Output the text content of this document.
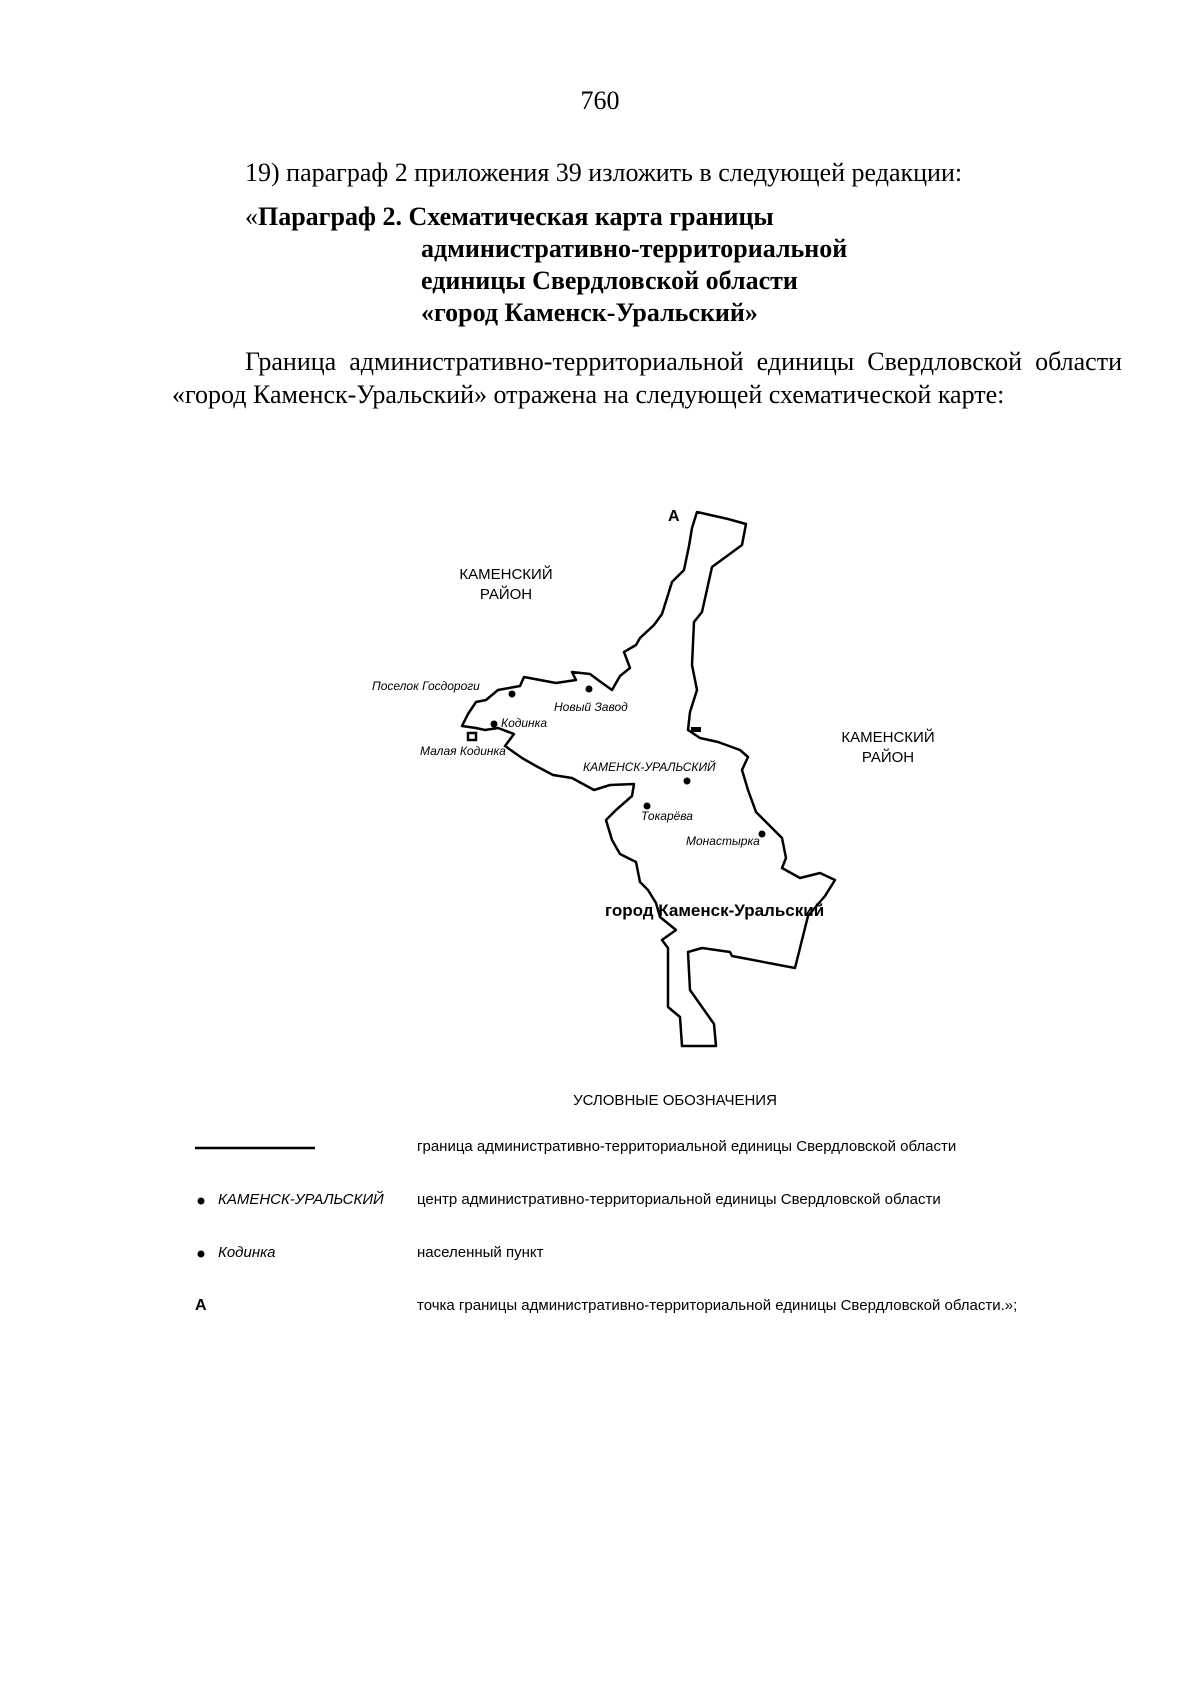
760
19) параграф 2 приложения 39 изложить в следующей редакции:
« Параграф 2. Схематическая карта границы
административно-территориальной
единицы Свердловской области
«город Каменск-Уральский»
Граница административно-территориальной единицы Свердловской области «город Каменск-Уральский» отражена на следующей схематической карте:
А
КАМЕНСКИЙ
РАЙОН
КАМЕНСКИЙ
РАЙОН
Поселок Госдороги
Новый Завод
Кодинка
Малая Кодинка
КАМЕНСК-УРАЛЬСКИЙ
Токарёва
Монастырка
город Каменск-Уральский
УСЛОВНЫЕ ОБОЗНАЧЕНИЯ
граница административно-территориальной единицы Свердловской области
КАМЕНСК-УРАЛЬСКИЙ центр административно-территориальной единицы Свердловской области
Кодинка	населенный пункт
А	точка границы административно-территориальной единицы Свердловской области.»;
